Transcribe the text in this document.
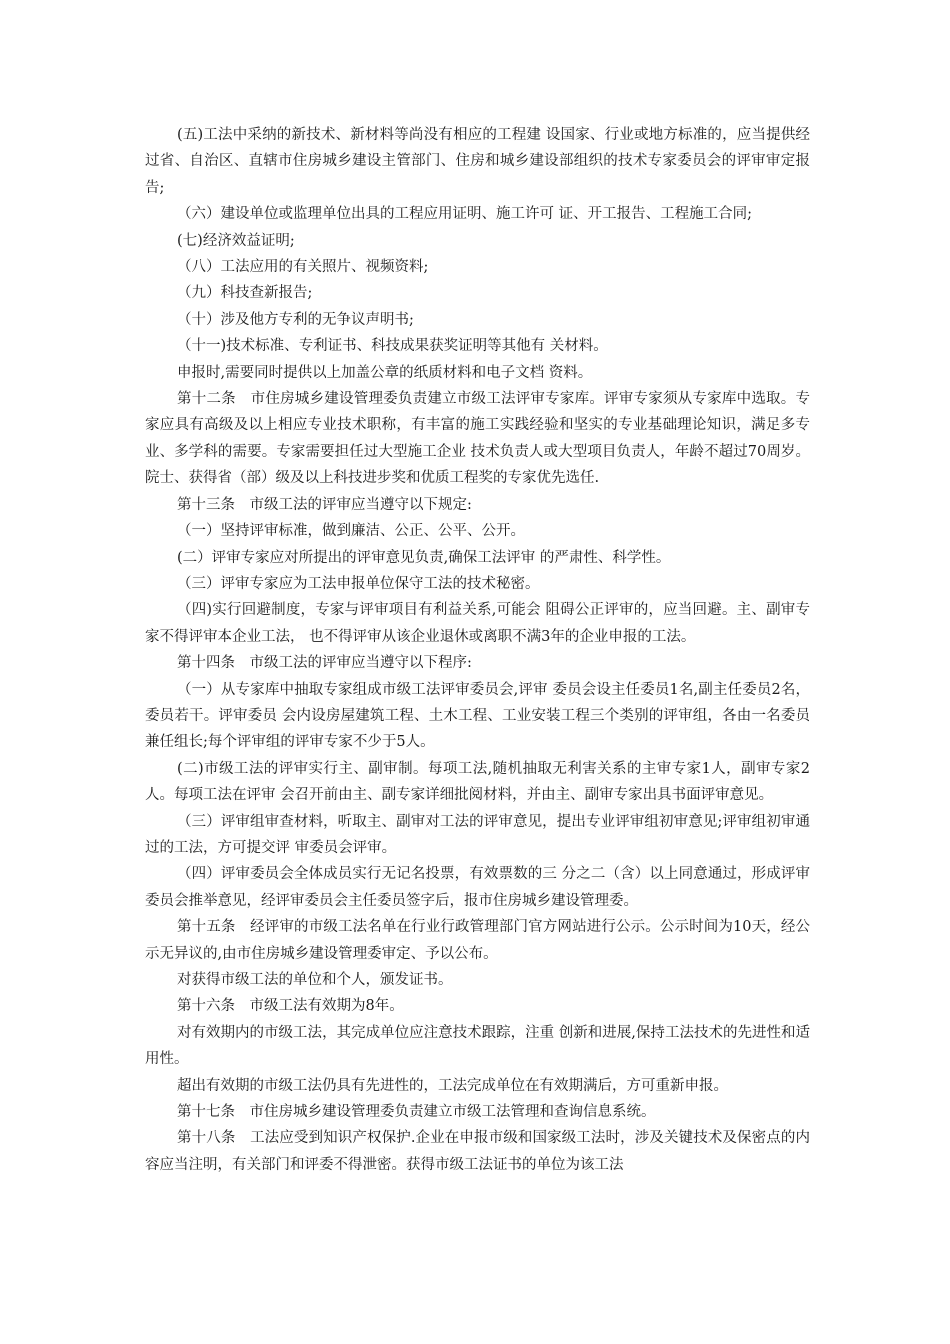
(五)工法中采纳的新技术、新材料等尚没有相应的工程建 设国家、行业或地方标准的，应当提供经过省、自治区、直辖市住房城乡建设主管部门、住房和城乡建设部组织的技术专家委员会的评审审定报告;

（六）建设单位或监理单位出具的工程应用证明、施工许可 证、开工报告、工程施工合同;

(七)经济效益证明;

（八）工法应用的有关照片、视频资料;

（九）科技查新报告;

（十）涉及他方专利的无争议声明书;

（十一)技术标准、专利证书、科技成果获奖证明等其他有 关材料。

申报时,需要同时提供以上加盖公章的纸质材料和电子文档 资料。

第十二条　市住房城乡建设管理委负责建立市级工法评审专家库。评审专家须从专家库中选取。专家应具有高级及以上相应专业技术职称，有丰富的施工实践经验和坚实的专业基础理论知识，满足多专业、多学科的需要。专家需要担任过大型施工企业 技术负责人或大型项目负责人，年龄不超过70周岁。院士、获得省（部）级及以上科技进步奖和优质工程奖的专家优先选任.

第十三条　市级工法的评审应当遵守以下规定:

（一）坚持评审标准，做到廉洁、公正、公平、公开。

(二）评审专家应对所提出的评审意见负责,确保工法评审 的严肃性、科学性。

（三）评审专家应为工法申报单位保守工法的技术秘密。

（四)实行回避制度，专家与评审项目有利益关系,可能会 阻碍公正评审的，应当回避。主、副审专家不得评审本企业工法， 也不得评审从该企业退休或离职不满3年的企业申报的工法。

第十四条　市级工法的评审应当遵守以下程序:

（一）从专家库中抽取专家组成市级工法评审委员会,评审 委员会设主任委员1名,副主任委员2名，委员若干。评审委员 会内设房屋建筑工程、土木工程、工业安装工程三个类别的评审组，各由一名委员兼任组长;每个评审组的评审专家不少于5人。

(二)市级工法的评审实行主、副审制。每项工法,随机抽取无利害关系的主审专家1人，副审专家2人。每项工法在评审 会召开前由主、副专家详细批阅材料，并由主、副审专家出具书面评审意见。

（三）评审组审查材料，听取主、副审对工法的评审意见，提出专业评审组初审意见;评审组初审通过的工法，方可提交评 审委员会评审。

（四）评审委员会全体成员实行无记名投票，有效票数的三 分之二（含）以上同意通过，形成评审委员会推举意见，经评审委员会主任委员签字后，报市住房城乡建设管理委。

第十五条　经评审的市级工法名单在行业行政管理部门官方网站进行公示。公示时间为10天，经公示无异议的,由市住房城乡建设管理委审定、予以公布。

对获得市级工法的单位和个人，颁发证书。

第十六条　市级工法有效期为8年。

对有效期内的市级工法，其完成单位应注意技术跟踪，注重 创新和进展,保持工法技术的先进性和适用性。

超出有效期的市级工法仍具有先进性的，工法完成单位在有效期满后，方可重新申报。

第十七条　市住房城乡建设管理委负责建立市级工法管理和查询信息系统。

第十八条　工法应受到知识产权保护.企业在申报市级和国家级工法时，涉及关键技术及保密点的内容应当注明，有关部门和评委不得泄密。获得市级工法证书的单位为该工法
